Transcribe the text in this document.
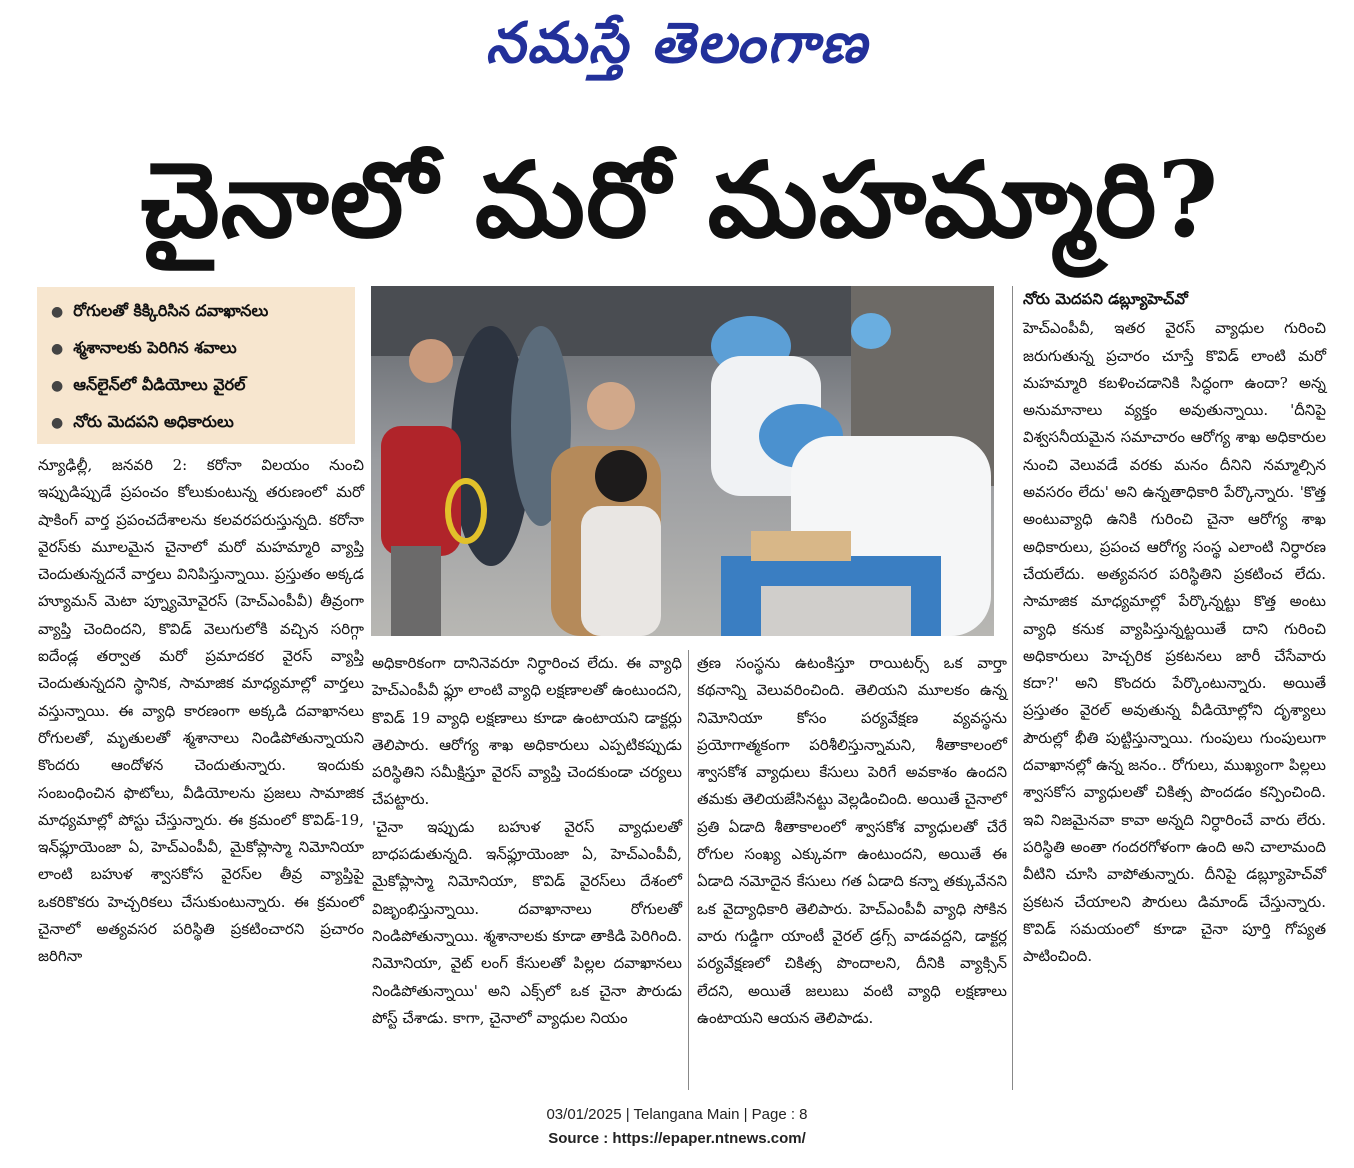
నమస్తే తెలంగాణ
చైనాలో మరో మహమ్మారి?
● రోగులతో కిక్కిరిసిన దవాఖానలు
● శ్మశానాలకు పెరిగిన శవాలు
● ఆన్‌లైన్‌లో వీడియోలు వైరల్
● నోరు మెదపని అధికారులు

న్యూఢిల్లీ, జనవరి 2: కరోనా విలయం నుంచి ఇప్పుడిప్పుడే ప్రపంచం కోలుకుంటున్న తరుణంలో మరో షాకింగ్ వార్త ప్రపంచదేశాలను కలవరపరుస్తున్నది. కరోనా వైరస్‌కు మూలమైన చైనాలో మరో మహమ్మారి వ్యాప్తి చెందుతున్నదనే వార్తలు వినిపిస్తున్నాయి. ప్రస్తుతం అక్కడ హ్యూమన్ మెటా ప్న్యూమోవైరస్ (హెచ్‌ఎంపీవీ) తీవ్రంగా వ్యాప్తి చెందిందని, కొవిడ్ వెలుగులోకి వచ్చిన సరిగ్గా ఐదేండ్ల తర్వాత మరో ప్రమాదకర వైరస్ వ్యాప్తి చెందుతున్నదని స్థానిక, సామాజిక మాధ్యమాల్లో వార్తలు వస్తున్నాయి. ఈ వ్యాధి కారణంగా అక్కడి దవాఖానలు రోగులతో, మృతులతో శ్మశానాలు నిండిపోతున్నాయని కొందరు ఆందోళన చెందుతున్నారు. ఇందుకు సంబంధించిన ఫొటోలు, వీడియోలను ప్రజలు సామాజిక మాధ్యమాల్లో పోస్టు చేస్తున్నారు. ఈ క్రమంలో కొవిడ్-19, ఇన్‌ఫ్లూయెంజా ఏ, హెచ్‌ఎంపీవీ, మైకోప్లాస్మా నిమోనియా లాంటి బహుళ శ్వాసకోస వైరస్‌ల తీవ్ర వ్యాప్తిపై ఒకరికొకరు హెచ్చరికలు చేసుకుంటున్నారు. ఈ క్రమంలో చైనాలో అత్యవసర పరిస్థితి ప్రకటించారని ప్రచారం జరిగినా

అధికారికంగా దానినెవరూ నిర్ధారించ లేదు. ఈ వ్యాధి హెచ్‌ఎంపీవీ ఫ్లూ లాంటి వ్యాధి లక్షణాలతో ఉంటుందని, కొవిడ్ 19 వ్యాధి లక్షణాలు కూడా ఉంటాయని డాక్టర్లు తెలిపారు. ఆరోగ్య శాఖ అధికారులు ఎప్పటికప్పుడు పరిస్థితిని సమీక్షిస్తూ వైరస్ వ్యాప్తి చెందకుండా చర్యలు చేపట్టారు.

'చైనా ఇప్పుడు బహుళ వైరస్ వ్యాధులతో బాధపడుతున్నది. ఇన్‌ఫ్లూయెంజా ఏ, హెచ్‌ఎంపీవీ, మైకోప్లాస్మా నిమోనియా, కొవిడ్ వైరస్‌లు దేశంలో విజృంభిస్తున్నాయి. దవాఖానాలు రోగులతో నిండిపోతున్నాయి. శ్మశానాలకు కూడా తాకిడి పెరిగింది. నిమోనియా, వైట్ లంగ్ కేసులతో పిల్లల దవాఖానలు నిండిపోతున్నాయి' అని ఎక్స్‌లో ఒక చైనా పౌరుడు పోస్ట్ చేశాడు. కాగా, చైనాలో వ్యాధుల నియం

త్రణ సంస్థను ఉటంకిస్తూ రాయిటర్స్ ఒక వార్తా కథనాన్ని వెలువరించింది. తెలియని మూలకం ఉన్న నిమోనియా కోసం పర్యవేక్షణ వ్యవస్థను ప్రయోగాత్మకంగా పరిశీలిస్తున్నామని, శీతాకాలంలో శ్వాసకోశ వ్యాధులు కేసులు పెరిగే అవకాశం ఉందని తమకు తెలియజేసినట్టు వెల్లడించింది. అయితే చైనాలో ప్రతి ఏడాది శీతాకాలంలో శ్వాసకోశ వ్యాధులతో చేరే రోగుల సంఖ్య ఎక్కువగా ఉంటుందని, అయితే ఈ ఏడాది నమోదైన కేసులు గత ఏడాది కన్నా తక్కువేనని ఒక వైద్యాధికారి తెలిపారు. హెచ్‌ఎంపీవీ వ్యాధి సోకిన వారు గుడ్డిగా యాంటీ వైరల్ డ్రగ్స్ వాడవద్దని, డాక్టర్ల పర్యవేక్షణలో చికిత్స పొందాలని, దీనికి వ్యాక్సిన్ లేదని, అయితే జలుబు వంటి వ్యాధి లక్షణాలు ఉంటాయని ఆయన తెలిపాడు.

నోరు మెదపని డబ్ల్యూహెచ్‌వో

హెచ్‌ఎంపీవీ, ఇతర వైరస్ వ్యాధుల గురించి జరుగుతున్న ప్రచారం చూస్తే కొవిడ్ లాంటి మరో మహమ్మారి కబళించడానికి సిద్ధంగా ఉందా? అన్న అనుమానాలు వ్యక్తం అవుతున్నాయి. 'దీనిపై విశ్వసనీయమైన సమాచారం ఆరోగ్య శాఖ అధికారుల నుంచి వెలువడే వరకు మనం దీనిని నమ్మాల్సిన అవసరం లేదు' అని ఉన్నతాధికారి పేర్కొన్నారు. 'కొత్త అంటువ్యాధి ఉనికి గురించి చైనా ఆరోగ్య శాఖ అధికారులు, ప్రపంచ ఆరోగ్య సంస్థ ఎలాంటి నిర్ధారణ చేయలేదు. అత్యవసర పరిస్థితిని ప్రకటించ లేదు. సామాజిక మాధ్యమాల్లో పేర్కొన్నట్టు కొత్త అంటు వ్యాధి కనుక వ్యాపిస్తున్నట్టయితే దాని గురించి అధికారులు హెచ్చరిక ప్రకటనలు జారీ చేసేవారు కదా?' అని కొందరు పేర్కొంటున్నారు. అయితే ప్రస్తుతం వైరల్ అవుతున్న వీడియోల్లోని దృశ్యాలు పౌరుల్లో భీతి పుట్టిస్తున్నాయి. గుంపులు గుంపులుగా దవాఖానల్లో ఉన్న జనం.. రోగులు, ముఖ్యంగా పిల్లలు శ్వాసకోస వ్యాధులతో చికిత్స పొందడం కన్పించింది. ఇవి నిజమైనవా కావా అన్నది నిర్ధారించే వారు లేరు. పరిస్థితి అంతా గందరగోళంగా ఉంది అని చాలామంది వీటిని చూసి వాపోతున్నారు. దీనిపై డబ్ల్యూహెచ్‌వో ప్రకటన చేయాలని పౌరులు డిమాండ్ చేస్తున్నారు. కొవిడ్ సమయంలో కూడా చైనా పూర్తి గోప్యత పాటించింది.

03/01/2025 | Telangana Main | Page : 8
Source : https://epaper.ntnews.com/
